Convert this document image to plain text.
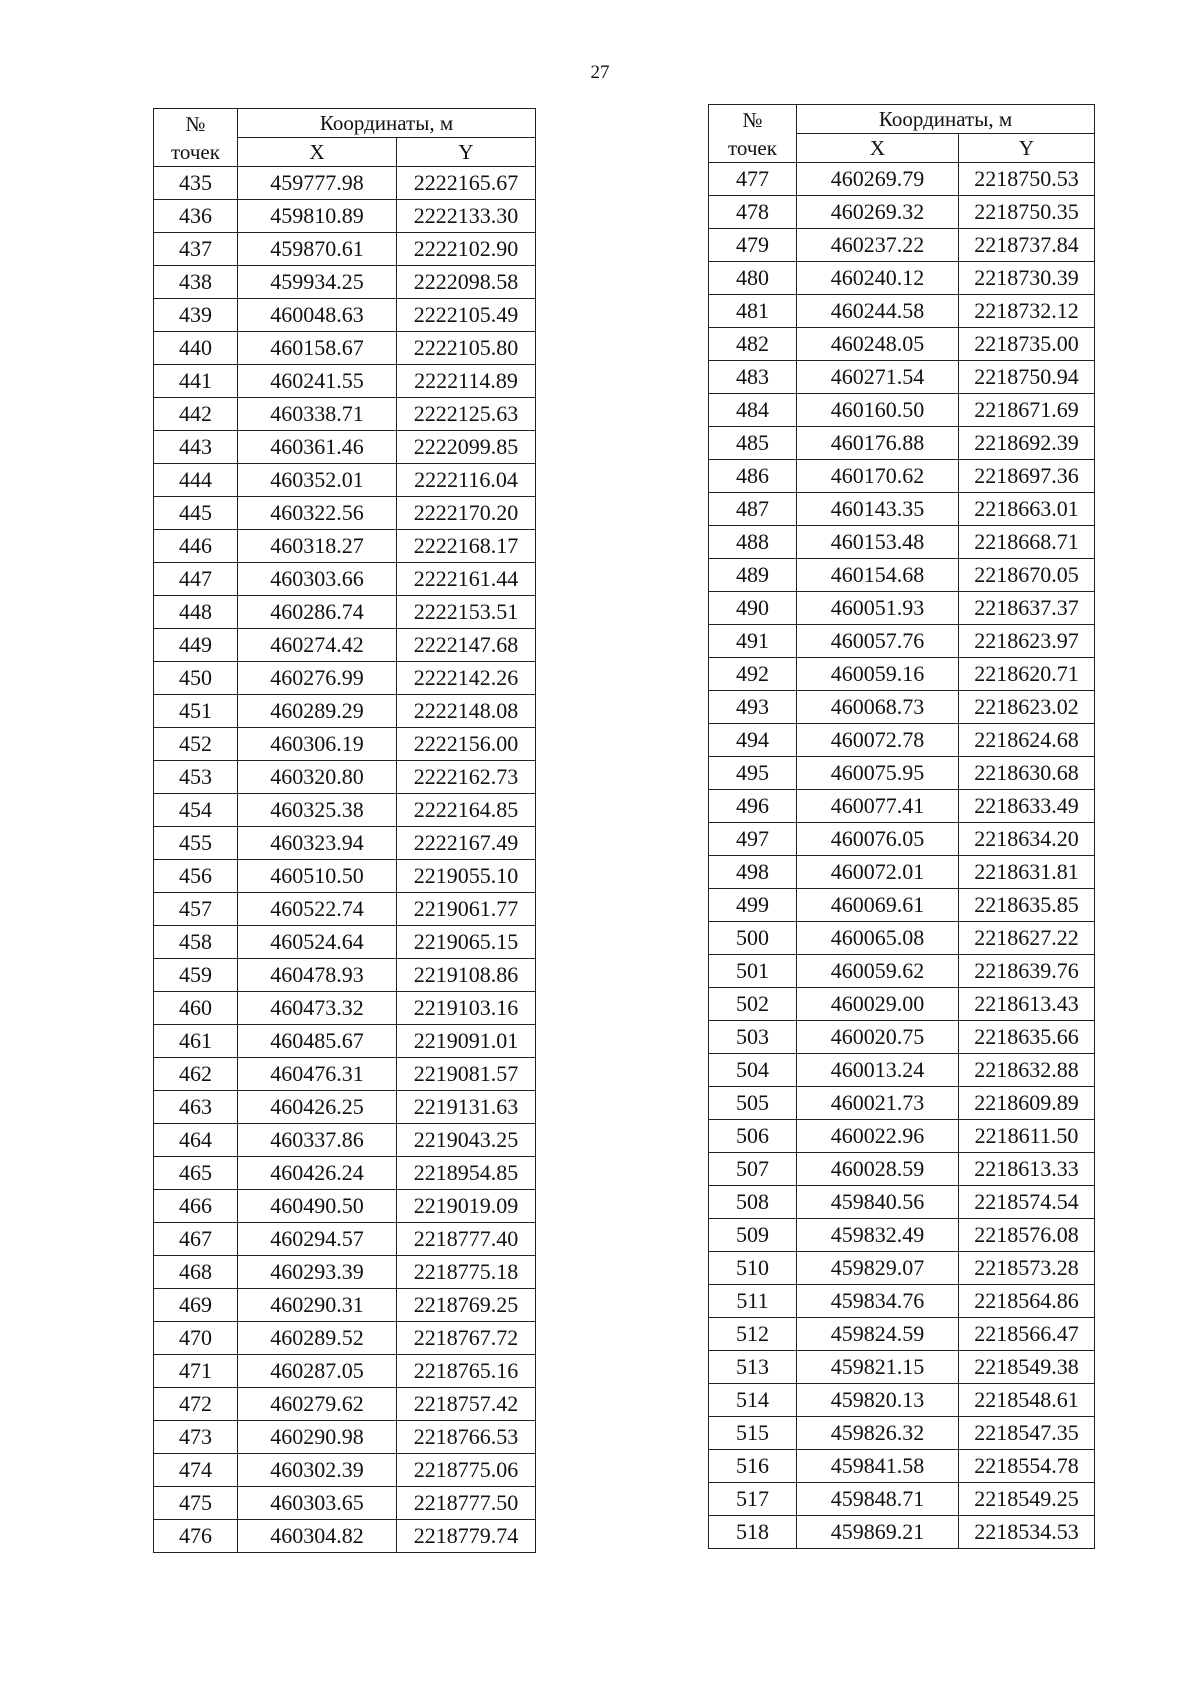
27
№
точек	Координаты, м	
	X	Y
435	459777.98	2222165.67
436	459810.89	2222133.30
437	459870.61	2222102.90
438	459934.25	2222098.58
439	460048.63	2222105.49
440	460158.67	2222105.80
441	460241.55	2222114.89
442	460338.71	2222125.63
443	460361.46	2222099.85
444	460352.01	2222116.04
445	460322.56	2222170.20
446	460318.27	2222168.17
447	460303.66	2222161.44
448	460286.74	2222153.51
449	460274.42	2222147.68
450	460276.99	2222142.26
451	460289.29	2222148.08
452	460306.19	2222156.00
453	460320.80	2222162.73
454	460325.38	2222164.85
455	460323.94	2222167.49
456	460510.50	2219055.10
457	460522.74	2219061.77
458	460524.64	2219065.15
459	460478.93	2219108.86
460	460473.32	2219103.16
461	460485.67	2219091.01
462	460476.31	2219081.57
463	460426.25	2219131.63
464	460337.86	2219043.25
465	460426.24	2218954.85
466	460490.50	2219019.09
467	460294.57	2218777.40
468	460293.39	2218775.18
469	460290.31	2218769.25
470	460289.52	2218767.72
471	460287.05	2218765.16
472	460279.62	2218757.42
473	460290.98	2218766.53
474	460302.39	2218775.06
475	460303.65	2218777.50
476	460304.82	2218779.74
№
точек	Координаты, м	
	X	Y
477	460269.79	2218750.53
478	460269.32	2218750.35
479	460237.22	2218737.84
480	460240.12	2218730.39
481	460244.58	2218732.12
482	460248.05	2218735.00
483	460271.54	2218750.94
484	460160.50	2218671.69
485	460176.88	2218692.39
486	460170.62	2218697.36
487	460143.35	2218663.01
488	460153.48	2218668.71
489	460154.68	2218670.05
490	460051.93	2218637.37
491	460057.76	2218623.97
492	460059.16	2218620.71
493	460068.73	2218623.02
494	460072.78	2218624.68
495	460075.95	2218630.68
496	460077.41	2218633.49
497	460076.05	2218634.20
498	460072.01	2218631.81
499	460069.61	2218635.85
500	460065.08	2218627.22
501	460059.62	2218639.76
502	460029.00	2218613.43
503	460020.75	2218635.66
504	460013.24	2218632.88
505	460021.73	2218609.89
506	460022.96	2218611.50
507	460028.59	2218613.33
508	459840.56	2218574.54
509	459832.49	2218576.08
510	459829.07	2218573.28
511	459834.76	2218564.86
512	459824.59	2218566.47
513	459821.15	2218549.38
514	459820.13	2218548.61
515	459826.32	2218547.35
516	459841.58	2218554.78
517	459848.71	2218549.25
518	459869.21	2218534.53
